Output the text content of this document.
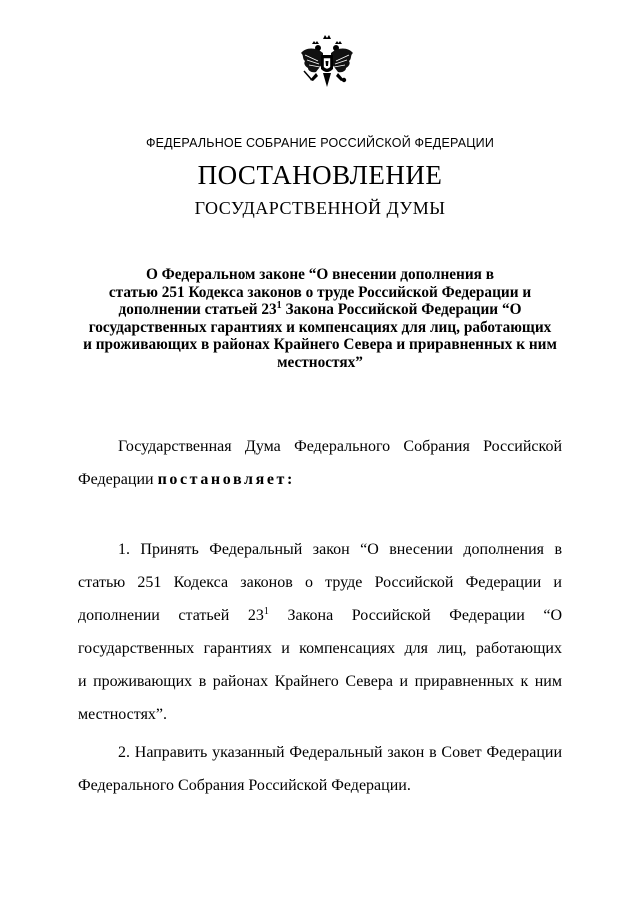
ФЕДЕРАЛЬНОЕ СОБРАНИЕ РОССИЙСКОЙ ФЕДЕРАЦИИ
ПОСТАНОВЛЕНИЕ
ГОСУДАРСТВЕННОЙ ДУМЫ
О Федеральном законе “О внесении дополнения в
статью 251 Кодекса законов о труде Российской Федерации и
дополнении статьей $23^1$ Закона Российской Федерации “О
государственных гарантиях и компенсациях для лиц, работающих
и проживающих в районах Крайнего Севера и приравненных к ним
местностях”
Государственная Дума Федерального Собрания Российской
Федерации постановляет:
1. Принять Федеральный закон “О внесении дополнения в
статью 251 Кодекса законов о труде Российской Федерации и
дополнении статьей $23^1$ Закона Российской Федерации “О
государственных гарантиях и компенсациях для лиц, работающих
и проживающих в районах Крайнего Севера и приравненных к ним
местностях”.
2. Направить указанный Федеральный закон в Совет Федерации
Федерального Собрания Российской Федерации.
